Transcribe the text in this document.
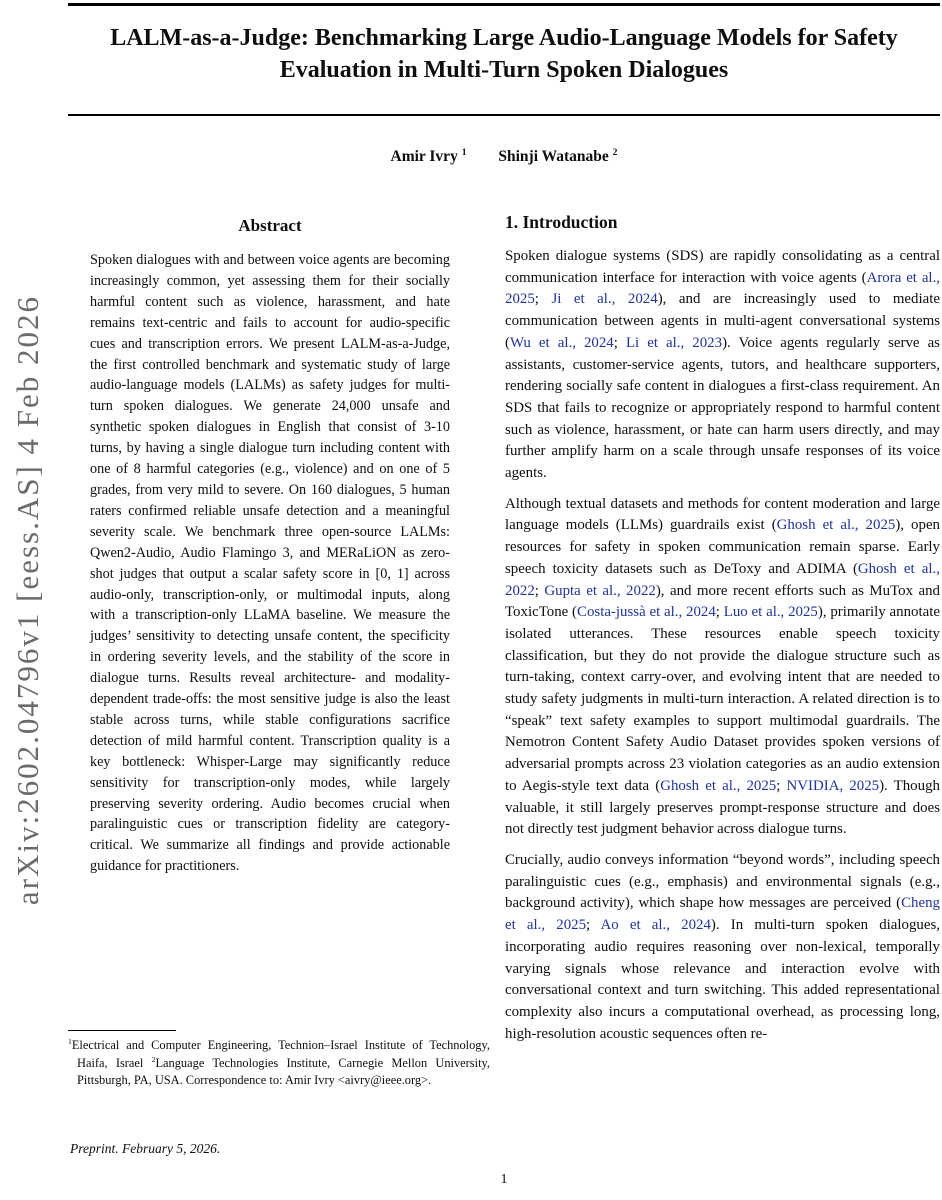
arXiv:2602.04796v1 [eess.AS] 4 Feb 2026
LALM-as-a-Judge: Benchmarking Large Audio-Language Models for Safety
Evaluation in Multi-Turn Spoken Dialogues
Amir Ivry $^1$ Shinji Watanabe $^2$
Abstract
Spoken dialogues with and between voice agents are becoming increasingly common, yet assessing them for their socially harmful content such as violence, harassment, and hate remains text-centric and fails to account for audio-specific cues and transcription errors. We present LALM-as-a-Judge, the first controlled benchmark and systematic study of large audio-language models (LALMs) as safety judges for multi-turn spoken dialogues. We generate 24,000 unsafe and synthetic spoken dialogues in English that consist of 3-10 turns, by having a single dialogue turn including content with one of 8 harmful categories (e.g., violence) and on one of 5 grades, from very mild to severe. On 160 dialogues, 5 human raters confirmed reliable unsafe detection and a meaningful severity scale. We benchmark three open-source LALMs: Qwen2-Audio, Audio Flamingo 3, and MERaLiON as zero-shot judges that output a scalar safety score in [0, 1] across audio-only, transcription-only, or multimodal inputs, along with a transcription-only LLaMA baseline. We measure the judges’ sensitivity to detecting unsafe content, the specificity in ordering severity levels, and the stability of the score in dialogue turns. Results reveal architecture- and modality-dependent trade-offs: the most sensitive judge is also the least stable across turns, while stable configurations sacrifice detection of mild harmful content. Transcription quality is a key bottleneck: Whisper-Large may significantly reduce sensitivity for transcription-only modes, while largely preserving severity ordering. Audio becomes crucial when paralinguistic cues or transcription fidelity are category-critical. We summarize all findings and provide actionable guidance for practitioners.
1. Introduction

Spoken dialogue systems (SDS) are rapidly consolidating as a central communication interface for interaction with voice agents (Arora et al., 2025; Ji et al., 2024), and are increasingly used to mediate communication between agents in multi-agent conversational systems (Wu et al., 2024; Li et al., 2023). Voice agents regularly serve as assistants, customer-service agents, tutors, and healthcare supporters, rendering socially safe content in dialogues a first-class requirement. An SDS that fails to recognize or appropriately respond to harmful content such as violence, harassment, or hate can harm users directly, and may further amplify harm on a scale through unsafe responses of its voice agents.

Although textual datasets and methods for content moderation and large language models (LLMs) guardrails exist (Ghosh et al., 2025), open resources for safety in spoken communication remain sparse. Early speech toxicity datasets such as DeToxy and ADIMA (Ghosh et al., 2022; Gupta et al., 2022), and more recent efforts such as MuTox and ToxicTone (Costa-jussà et al., 2024; Luo et al., 2025), primarily annotate isolated utterances. These resources enable speech toxicity classification, but they do not provide the dialogue structure such as turn-taking, context carry-over, and evolving intent that are needed to study safety judgments in multi-turn interaction. A related direction is to “speak” text safety examples to support multimodal guardrails. The Nemotron Content Safety Audio Dataset provides spoken versions of adversarial prompts across 23 violation categories as an audio extension to Aegis-style text data (Ghosh et al., 2025; NVIDIA, 2025). Though valuable, it still largely preserves prompt-response structure and does not directly test judgment behavior across dialogue turns.

Crucially, audio conveys information “beyond words”, including speech paralinguistic cues (e.g., emphasis) and environmental signals (e.g., background activity), which shape how messages are perceived (Cheng et al., 2025; Ao et al., 2024). In multi-turn spoken dialogues, incorporating audio requires reasoning over non-lexical, temporally varying signals whose relevance and interaction evolve with conversational context and turn switching. This added representational complexity also incurs a computational overhead, as processing long, high-resolution acoustic sequences often re-

$^1$Electrical and Computer Engineering, Technion–Israel Institute of Technology, Haifa, Israel $^2$Language Technologies Institute, Carnegie Mellon University, Pittsburgh, PA, USA. Correspondence to: Amir Ivry <aivry@ieee.org>.
Preprint. February 5, 2026.
1
